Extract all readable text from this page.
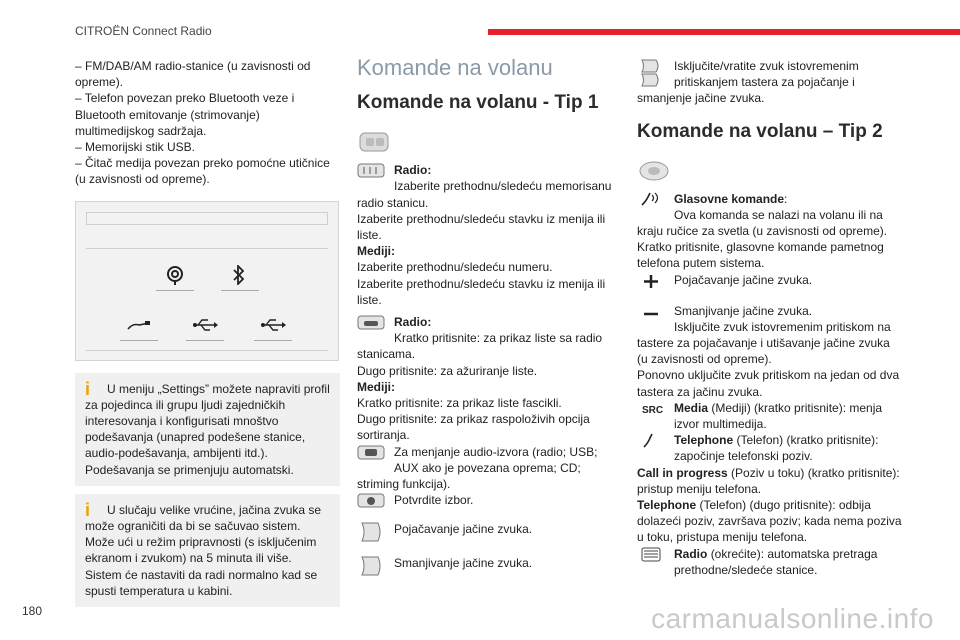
CITROËN Connect Radio

– FM/DAB/AM radio-stanice (u zavisnosti od opreme).

– Telefon povezan preko Bluetooth veze i Bluetooth emitovanje (strimovanje) multimedijskog sadržaja.

– Memorijski stik USB.

– Čitač medija povezan preko pomoćne utičnice (u zavisnosti od opreme).

i	U meniju „Settings” možete napraviti profil za pojedinca ili grupu ljudi zajedničkih interesovanja i konfigurisati mnoštvo podešavanja (unapred podešene stanice, audio-podešavanja, ambijenti itd.). Podešavanja se primenjuju automatski.

i	U slučaju velike vrućine, jačina zvuka se može ograničiti da bi se sačuvao sistem. Može ući u režim pripravnosti (s isključenim ekranom i zvukom) na 5 minuta ili više. Sistem će nastaviti da radi normalno kad se spusti temperatura u kabini.

Komande na volanu
Komande na volanu - Tip 1

Radio:

Izaberite prethodnu/sledeću memorisanu radio stanicu.

Izaberite prethodnu/sledeću stavku iz menija ili liste.

Mediji:

Izaberite prethodnu/sledeću numeru.

Izaberite prethodnu/sledeću stavku iz menija ili liste.

Radio:

Kratko pritisnite: za prikaz liste sa radio stanicama.

Dugo pritisnite: za ažuriranje liste.

Mediji:

Kratko pritisnite: za prikaz liste fascikli.

Dugo pritisnite: za prikaz raspoloživih opcija sortiranja.

Za menjanje audio-izvora (radio; USB; AUX ako je povezana oprema; CD; striming funkcija).

Potvrdite izbor.

Pojačavanje jačine zvuka.

Smanjivanje jačine zvuka.

Isključite/vratite zvuk istovremenim pritiskanjem tastera za pojačanje i smanjenje jačine zvuka.

Komande na volanu – Tip 2

Glasovne komande:

Ova komanda se nalazi na volanu ili na kraju ručice za svetla (u zavisnosti od opreme).

Kratko pritisnite, glasovne komande pametnog telefona putem sistema.

Pojačavanje jačine zvuka.

Smanjivanje jačine zvuka.

Isključite zvuk istovremenim pritiskom na tastere za pojačavanje i utišavanje jačine zvuka (u zavisnosti od opreme).

Ponovno uključite zvuk pritiskom na jedan od dva tastera za jačinu zvuka.

SRC Media (Mediji) (kratko pritisnite): menja izvor multimedija.

Telephone (Telefon) (kratko pritisnite): započinje telefonski poziv.

Call in progress (Poziv u toku) (kratko pritisnite): pristup meniju telefona.

Telephone (Telefon) (dugo pritisnite): odbija dolazeći poziv, završava poziv; kada nema poziva u toku, pristupa meniju telefona.

Radio (okrećite): automatska pretraga prethodne/sledeće stanice.

180	carmanualsonline.info
